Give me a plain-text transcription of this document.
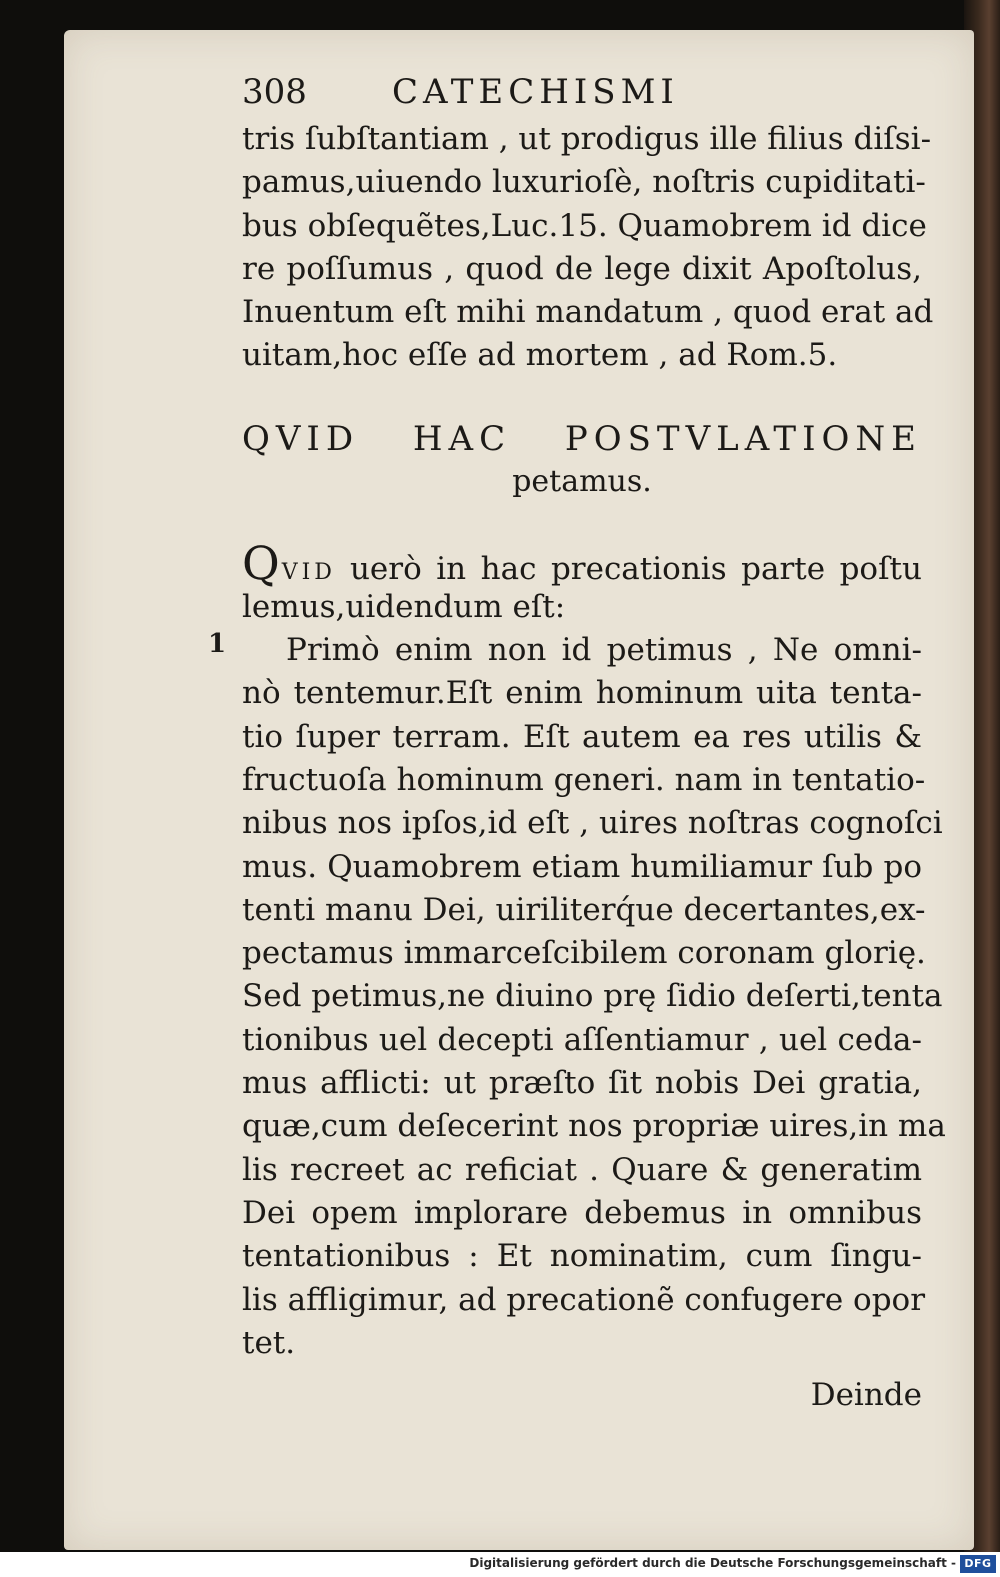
308	CATECHISMI
tris ſubſtantiam , ut prodigus ille filius diſsi-
pamus,uiuendo luxurioſè, noſtris cupiditati-
bus obſequẽtes,Luc.15. Quamobrem id dice
re poſſumus , quod de lege dixit Apoſtolus,
Inuentum eſt mihi mandatum , quod erat ad
uitam,hoc eſſe ad mortem , ad Rom.5.
QVID HAC POSTVLATIONE
petamus.
Q VID uerò in hac precationis parte poſtu
lemus,uidendum eſt:
1	Primò enim non id petimus , Ne omni-
nò tentemur.Eſt enim hominum uita tenta-
tio ſuper terram. Eſt autem ea res utilis &
fructuoſa hominum generi. nam in tentatio-
nibus nos ipſos,id eſt , uires noſtras cognoſci
mus. Quamobrem etiam humiliamur ſub po
tenti manu Dei, uiriliterq́ue decertantes,ex-
pectamus immarceſcibilem coronam glorię.
Sed petimus,ne diuino prę ſidio deſerti,tenta
tionibus uel decepti aſſentiamur , uel ceda-
mus afflicti: ut præſto ſit nobis Dei gratia,
quæ,cum deſecerint nos propriæ uires,in ma
lis recreet ac reficiat . Quare & generatim
Dei opem implorare debemus in omnibus
tentationibus : Et nominatim, cum ſingu-
lis affligimur, ad precationẽ confugere opor
tet.
Deinde
Digitalisierung gefördert durch die Deutsche Forschungsgemeinschaft - DFG
